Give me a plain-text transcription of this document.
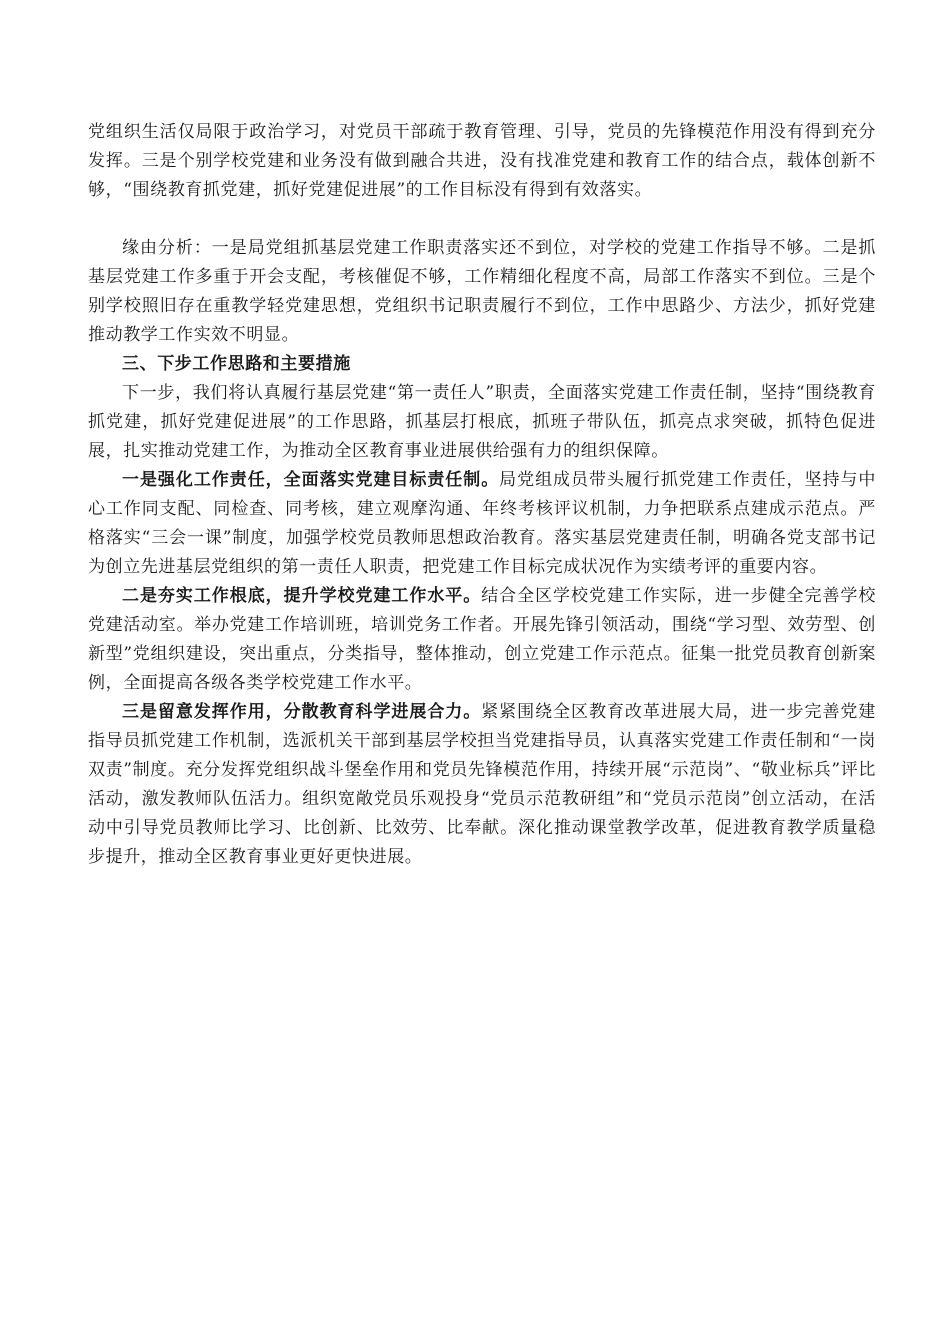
党组织生活仅局限于政治学习，对党员干部疏于教育管理、引导，党员的先锋模范作用没有得到充分发挥。三是个别学校党建和业务没有做到融合共进，没有找准党建和教育工作的结合点，载体创新不够，“围绕教育抓党建，抓好党建促进展”的工作目标没有得到有效落实。

缘由分析：一是局党组抓基层党建工作职责落实还不到位，对学校的党建工作指导不够。二是抓基层党建工作多重于开会支配，考核催促不够，工作精细化程度不高，局部工作落实不到位。三是个别学校照旧存在重教学轻党建思想，党组织书记职责履行不到位，工作中思路少、方法少，抓好党建推动教学工作实效不明显。

三、下步工作思路和主要措施

下一步，我们将认真履行基层党建“第一责任人”职责，全面落实党建工作责任制，坚持“围绕教育抓党建，抓好党建促进展”的工作思路，抓基层打根底，抓班子带队伍，抓亮点求突破，抓特色促进展，扎实推动党建工作，为推动全区教育事业进展供给强有力的组织保障。

一是强化工作责任，全面落实党建目标责任制。局党组成员带头履行抓党建工作责任，坚持与中心工作同支配、同检查、同考核，建立观摩沟通、年终考核评议机制，力争把联系点建成示范点。严格落实“三会一课”制度，加强学校党员教师思想政治教育。落实基层党建责任制，明确各党支部书记为创立先进基层党组织的第一责任人职责，把党建工作目标完成状况作为实绩考评的重要内容。

二是夯实工作根底，提升学校党建工作水平。结合全区学校党建工作实际，进一步健全完善学校党建活动室。举办党建工作培训班，培训党务工作者。开展先锋引领活动，围绕“学习型、效劳型、创新型”党组织建设，突出重点，分类指导，整体推动，创立党建工作示范点。征集一批党员教育创新案例，全面提高各级各类学校党建工作水平。

三是留意发挥作用，分散教育科学进展合力。紧紧围绕全区教育改革进展大局，进一步完善党建指导员抓党建工作机制，选派机关干部到基层学校担当党建指导员，认真落实党建工作责任制和“一岗双责”制度。充分发挥党组织战斗堡垒作用和党员先锋模范作用，持续开展“示范岗”、“敬业标兵”评比活动，激发教师队伍活力。组织宽敞党员乐观投身“党员示范教研组”和“党员示范岗”创立活动，在活动中引导党员教师比学习、比创新、比效劳、比奉献。深化推动课堂教学改革，促进教育教学质量稳步提升，推动全区教育事业更好更快进展。
